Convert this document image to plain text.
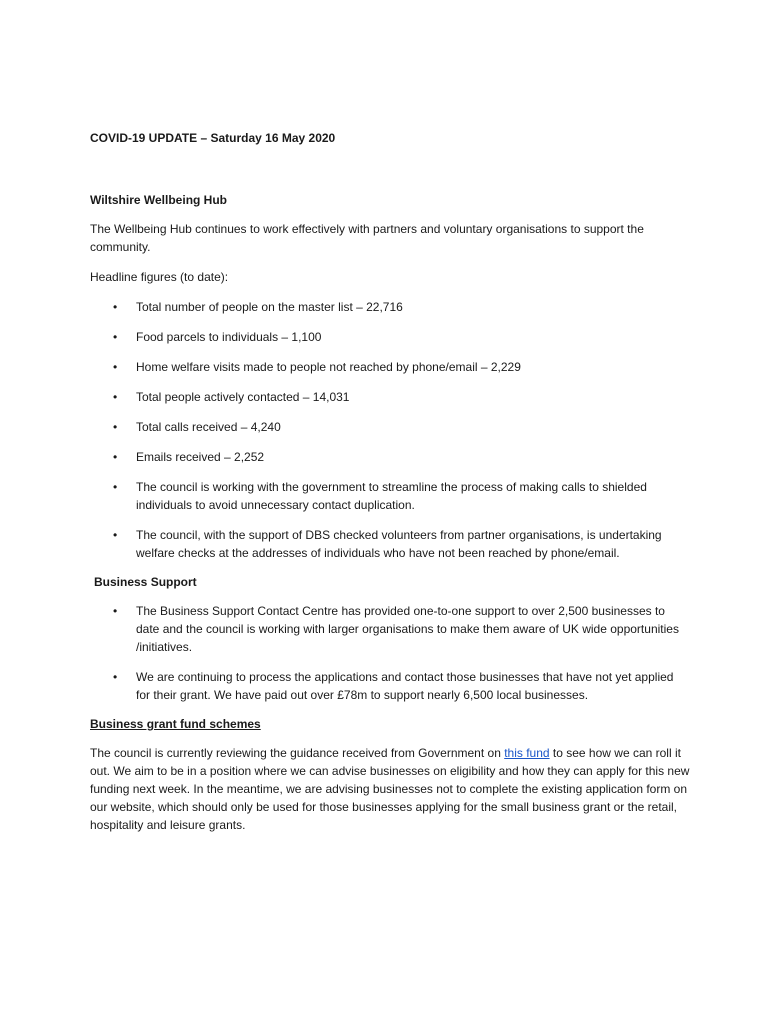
COVID-19 UPDATE – Saturday 16 May 2020

Wiltshire Wellbeing Hub

The Wellbeing Hub continues to work effectively with partners and voluntary organisations to support the community.

Headline figures (to date):

• Total number of people on the master list – 22,716
• Food parcels to individuals – 1,100
• Home welfare visits made to people not reached by phone/email – 2,229
• Total people actively contacted – 14,031
• Total calls received – 4,240
• Emails received – 2,252
• The council is working with the government to streamline the process of making calls to shielded individuals to avoid unnecessary contact duplication.
• The council, with the support of DBS checked volunteers from partner organisations, is undertaking welfare checks at the addresses of individuals who have not been reached by phone/email.

Business Support

• The Business Support Contact Centre has provided one-to-one support to over 2,500 businesses to date and the council is working with larger organisations to make them aware of UK wide opportunities /initiatives.
• We are continuing to process the applications and contact those businesses that have not yet applied for their grant. We have paid out over £78m to support nearly 6,500 local businesses.

Business grant fund schemes

The council is currently reviewing the guidance received from Government on this fund to see how we can roll it out. We aim to be in a position where we can advise businesses on eligibility and how they can apply for this new funding next week. In the meantime, we are advising businesses not to complete the existing application form on our website, which should only be used for those businesses applying for the small business grant or the retail, hospitality and leisure grants.
